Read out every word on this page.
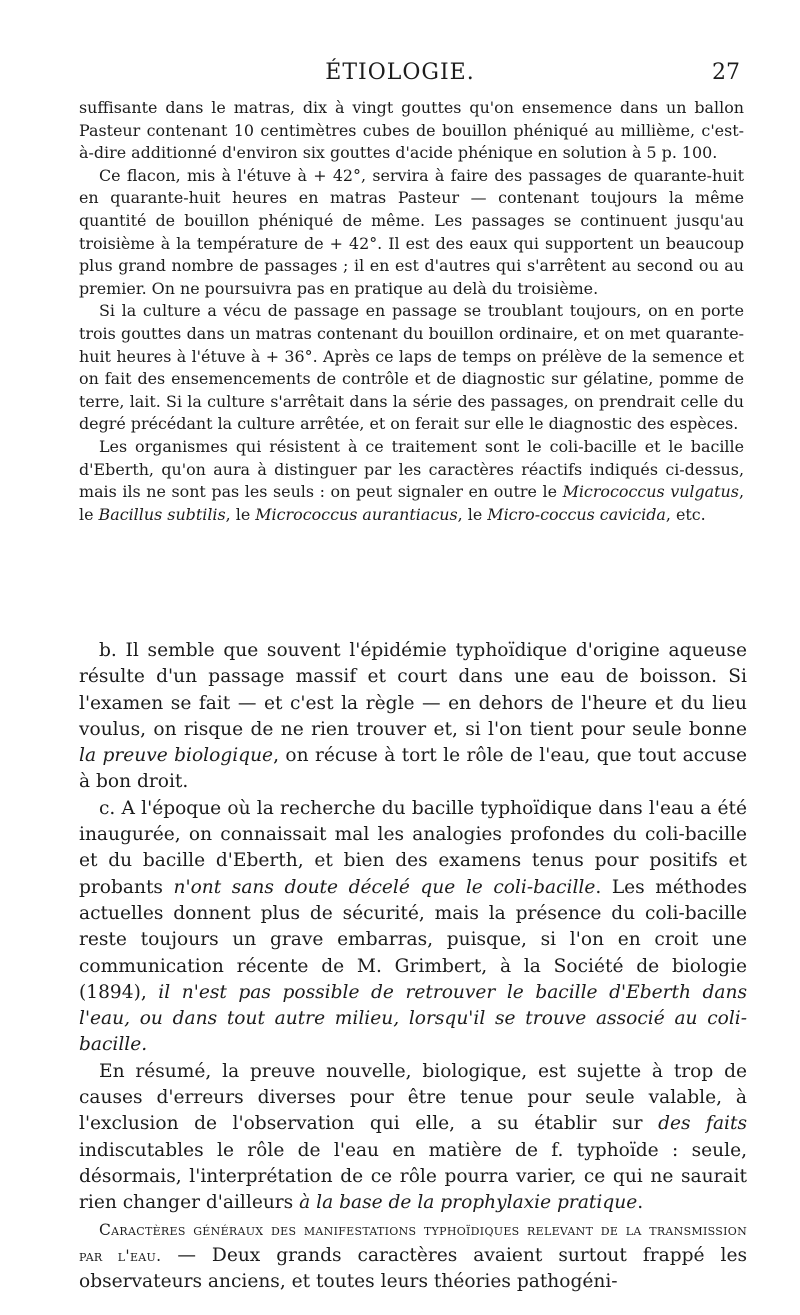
ÉTIOLOGIE.	27

suffisante dans le matras, dix à vingt gouttes qu'on ensemence dans un ballon Pasteur contenant 10 centimètres cubes de bouillon phéniqué au millième, c'est-à-dire additionné d'environ six gouttes d'acide phénique en solution à 5 p. 100.

Ce flacon, mis à l'étuve à + 42°, servira à faire des passages de quarante-huit en quarante-huit heures en matras Pasteur — contenant toujours la même quantité de bouillon phéniqué de même. Les passages se continuent jusqu'au troisième à la température de + 42°. Il est des eaux qui supportent un beaucoup plus grand nombre de passages ; il en est d'autres qui s'arrêtent au second ou au premier. On ne poursuivra pas en pratique au delà du troisième.

Si la culture a vécu de passage en passage se troublant toujours, on en porte trois gouttes dans un matras contenant du bouillon ordinaire, et on met quarante-huit heures à l'étuve à + 36°. Après ce laps de temps on prélève de la semence et on fait des ensemencements de contrôle et de diagnostic sur gélatine, pomme de terre, lait. Si la culture s'arrêtait dans la série des passages, on prendrait celle du degré précédant la culture arrêtée, et on ferait sur elle le diagnostic des espèces.

Les organismes qui résistent à ce traitement sont le coli-bacille et le bacille d'Eberth, qu'on aura à distinguer par les caractères réactifs indiqués ci-dessus, mais ils ne sont pas les seuls : on peut signaler en outre le Micrococcus vulgatus, le Bacillus subtilis, le Micrococcus aurantiacus, le Micro-coccus cavicida, etc.

b. Il semble que souvent l'épidémie typhoïdique d'origine aqueuse résulte d'un passage massif et court dans une eau de boisson. Si l'examen se fait — et c'est la règle — en dehors de l'heure et du lieu voulus, on risque de ne rien trouver et, si l'on tient pour seule bonne la preuve biologique, on récuse à tort le rôle de l'eau, que tout accuse à bon droit.

c. A l'époque où la recherche du bacille typhoïdique dans l'eau a été inaugurée, on connaissait mal les analogies profondes du coli-bacille et du bacille d'Eberth, et bien des examens tenus pour positifs et probants n'ont sans doute décelé que le coli-bacille. Les méthodes actuelles donnent plus de sécurité, mais la présence du coli-bacille reste toujours un grave embarras, puisque, si l'on en croit une communication récente de M. Grimbert, à la Société de biologie (1894), il n'est pas possible de retrouver le bacille d'Eberth dans l'eau, ou dans tout autre milieu, lorsqu'il se trouve associé au coli-bacille.

En résumé, la preuve nouvelle, biologique, est sujette à trop de causes d'erreurs diverses pour être tenue pour seule valable, à l'exclusion de l'observation qui elle, a su établir sur des faits indiscutables le rôle de l'eau en matière de f. typhoïde : seule, désormais, l'interprétation de ce rôle pourra varier, ce qui ne saurait rien changer d'ailleurs à la base de la prophylaxie pratique.

Caractères généraux des manifestations typhoïdiques relevant de la transmission par l'eau. — Deux grands caractères avaient surtout frappé les observateurs anciens, et toutes leurs théories pathogéni-
